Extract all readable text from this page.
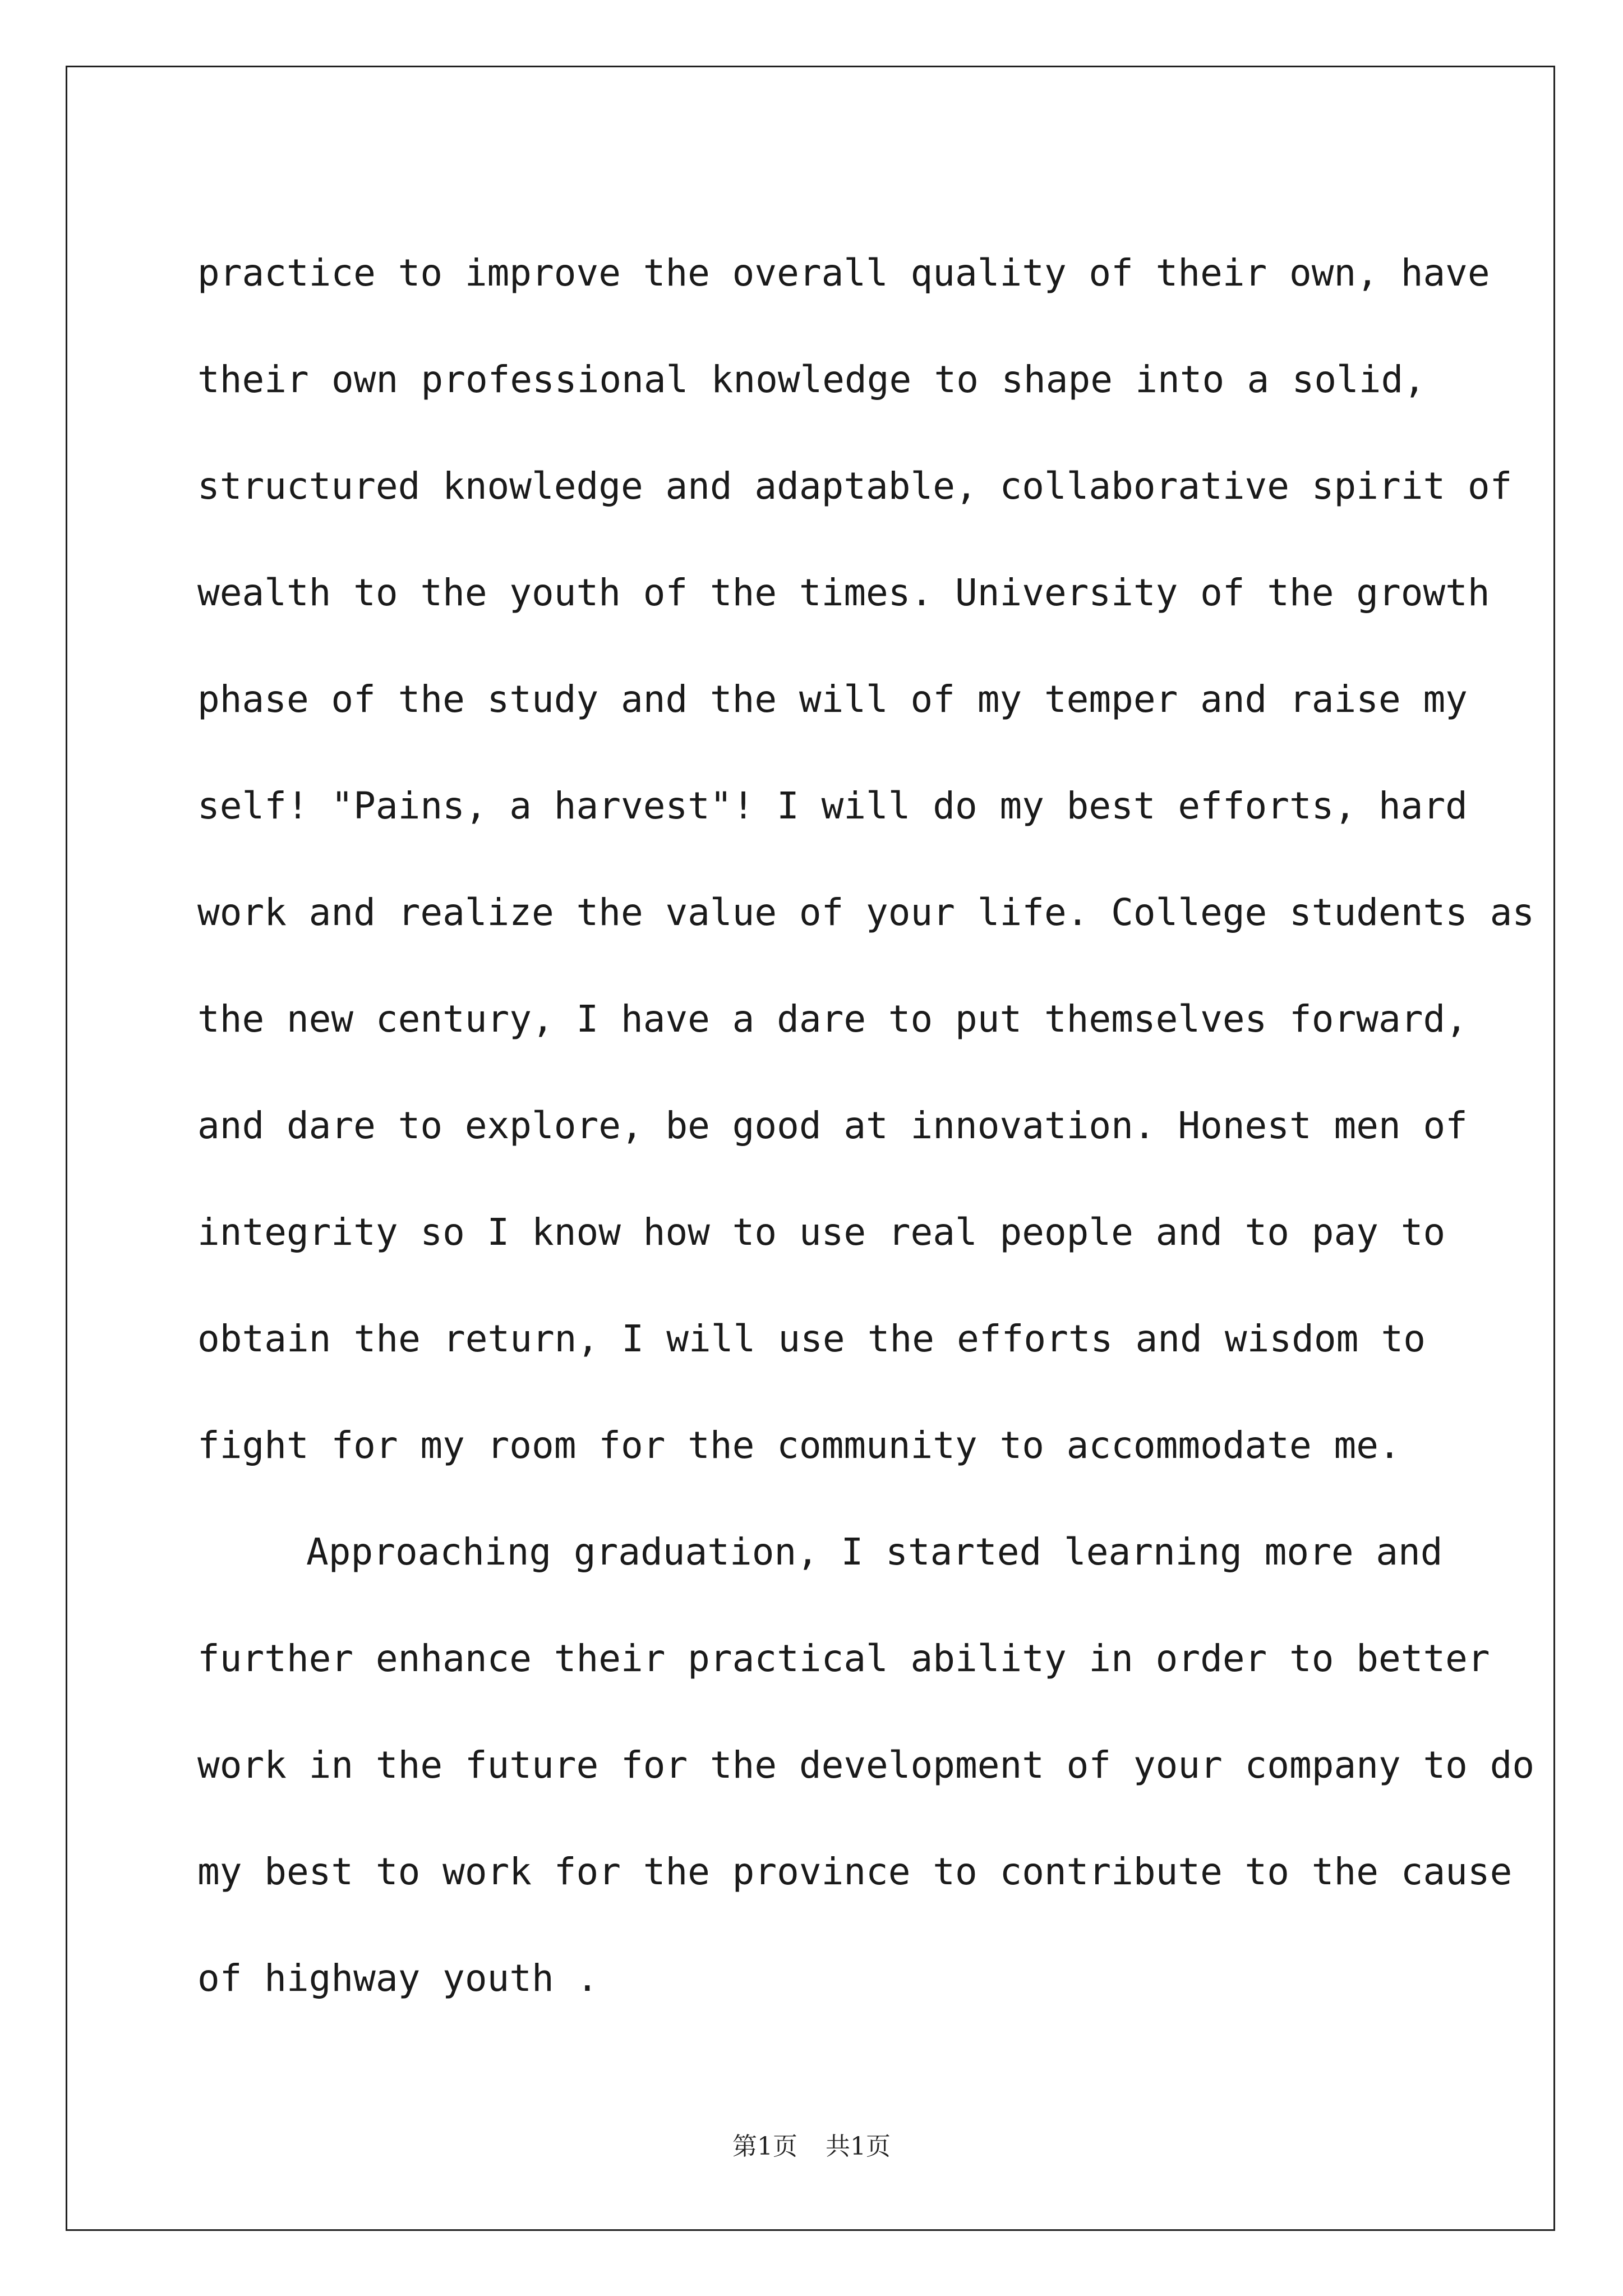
practice to improve the overall quality of their own, have
their own professional knowledge to shape into a solid,
structured knowledge and adaptable, collaborative spirit of
wealth to the youth of the times. University of the growth
phase of the study and the will of my temper and raise my
self! "Pains, a harvest"! I will do my best efforts, hard
work and realize the value of your life. College students as
the new century, I have a dare to put themselves forward,
and dare to explore, be good at innovation. Honest men of
integrity so I know how to use real people and to pay to
obtain the return, I will use the efforts and wisdom to
fight for my room for the community to accommodate me.
Approaching graduation, I started learning more and
further enhance their practical ability in order to better
work in the future for the development of your company to do
my best to work for the province to contribute to the cause
of highway youth .
第1页 共1页
